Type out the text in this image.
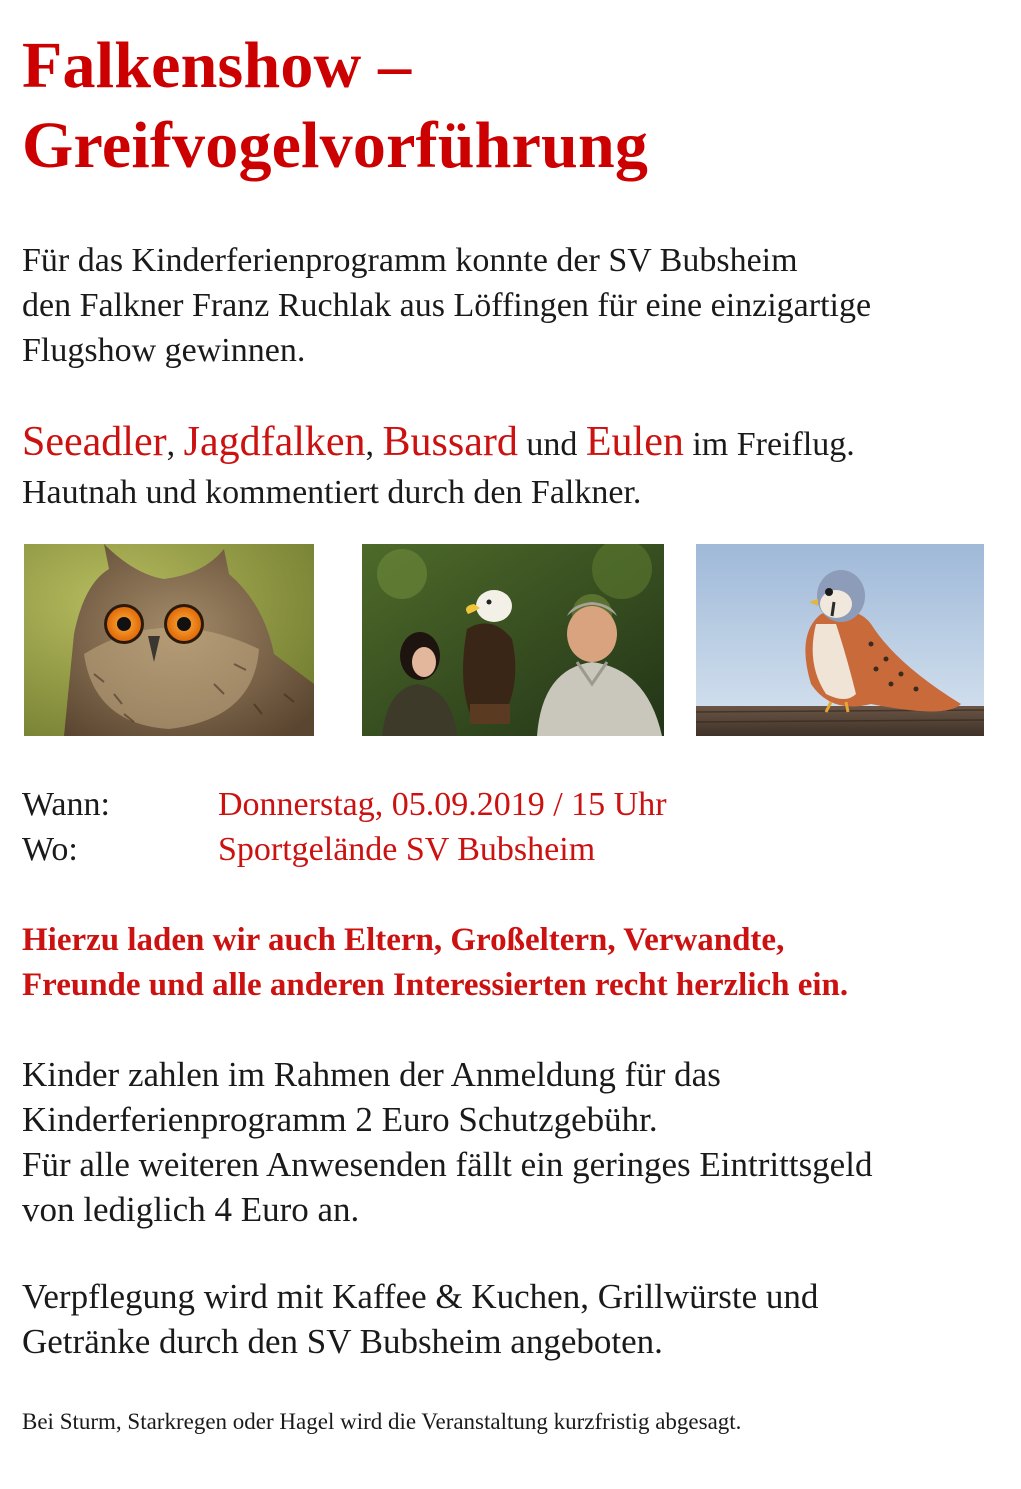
Falkenshow –
Greifvogelvorführung

Für das Kinderferienprogramm konnte der SV Bubsheim
den Falkner Franz Ruchlak aus Löffingen für eine einzigartige
Flugshow gewinnen.

Seeadler, Jagdfalken, Bussard und Eulen im Freiflug.
Hautnah und kommentiert durch den Falkner.

Wann:	Donnerstag, 05.09.2019 / 15 Uhr
Wo:	Sportgelände SV Bubsheim

Hierzu laden wir auch Eltern, Großeltern, Verwandte,
Freunde und alle anderen Interessierten recht herzlich ein.

Kinder zahlen im Rahmen der Anmeldung für das
Kinderferienprogramm 2 Euro Schutzgebühr.
Für alle weiteren Anwesenden fällt ein geringes Eintrittsgeld
von lediglich 4 Euro an.

Verpflegung wird mit Kaffee & Kuchen, Grillwürste und
Getränke durch den SV Bubsheim angeboten.

Bei Sturm, Starkregen oder Hagel wird die Veranstaltung kurzfristig abgesagt.
